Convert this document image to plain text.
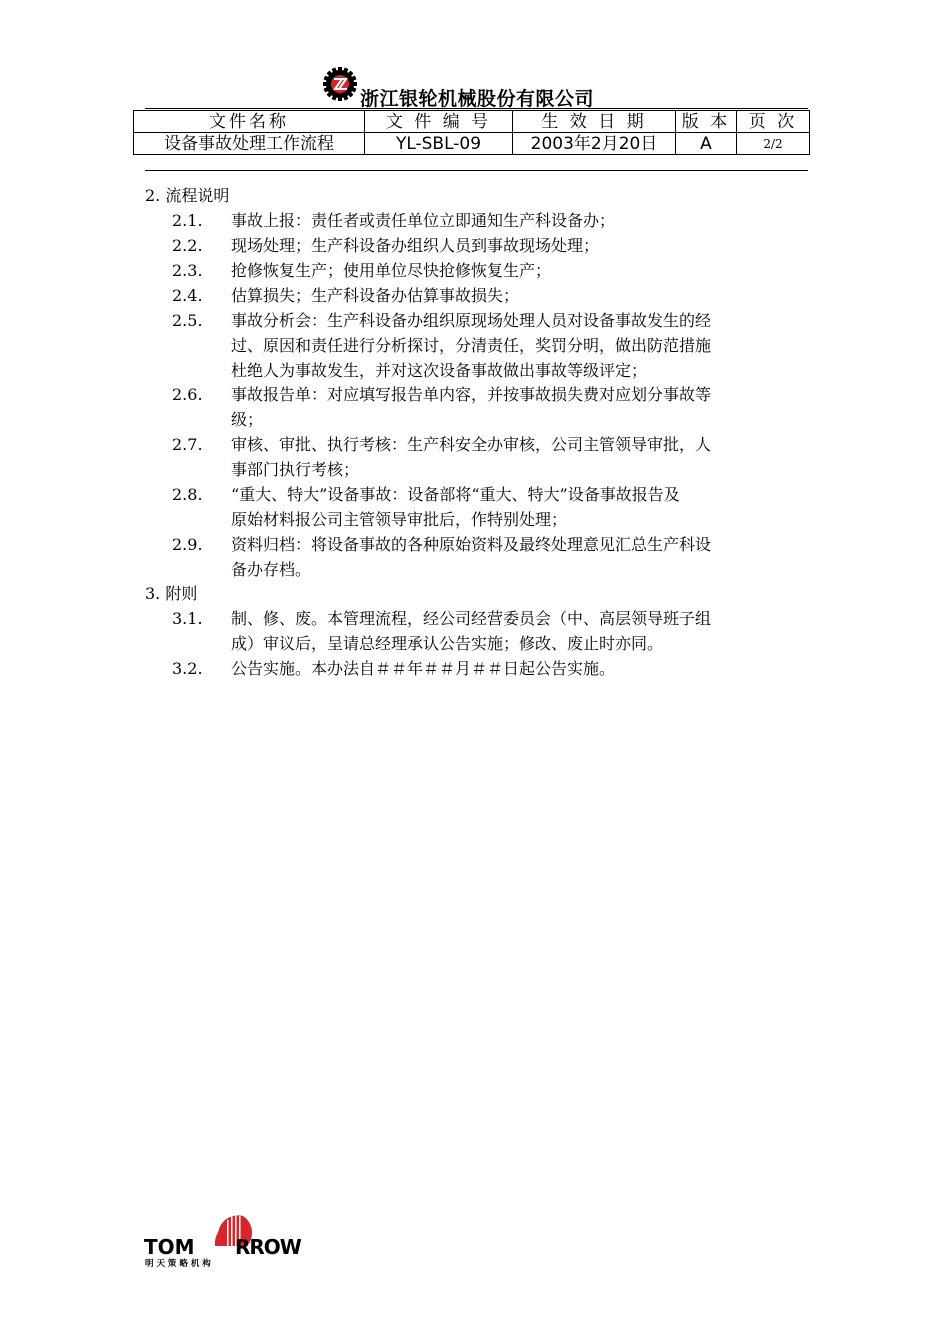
浙江银轮机械股份有限公司
文件名称	文 件 编 号	生 效 日 期	版 本	页 次
设备事故处理工作流程	YL-SBL-09	2003年2月20日	A	2/2
2. 流程说明
2.1.	事故上报：责任者或责任单位立即通知生产科设备办；
2.2.	现场处理；生产科设备办组织人员到事故现场处理；
2.3.	抢修恢复生产；使用单位尽快抢修恢复生产；
2.4.	估算损失；生产科设备办估算事故损失；
2.5.	事故分析会：生产科设备办组织原现场处理人员对设备事故发生的经
过、原因和责任进行分析探讨，分清责任，奖罚分明，做出防范措施
杜绝人为事故发生，并对这次设备事故做出事故等级评定；
2.6.	事故报告单：对应填写报告单内容，并按事故损失费对应划分事故等
级；
2.7.	审核、审批、执行考核：生产科安全办审核，公司主管领导审批，人
事部门执行考核；
2.8.	“重大、特大”设备事故：设备部将“重大、特大”设备事故报告及
原始材料报公司主管领导审批后，作特别处理；
2.9.	资料归档：将设备事故的各种原始资料及最终处理意见汇总生产科设
备办存档。
3. 附则
3.1.	制、修、废。本管理流程，经公司经营委员会（中、高层领导班子组
成）审议后，呈请总经理承认公告实施；修改、废止时亦同。
3.2.	公告实施。本办法自＃＃年＃＃月＃＃日起公告实施。
TOM RROW
明 天 策 略 机 构
